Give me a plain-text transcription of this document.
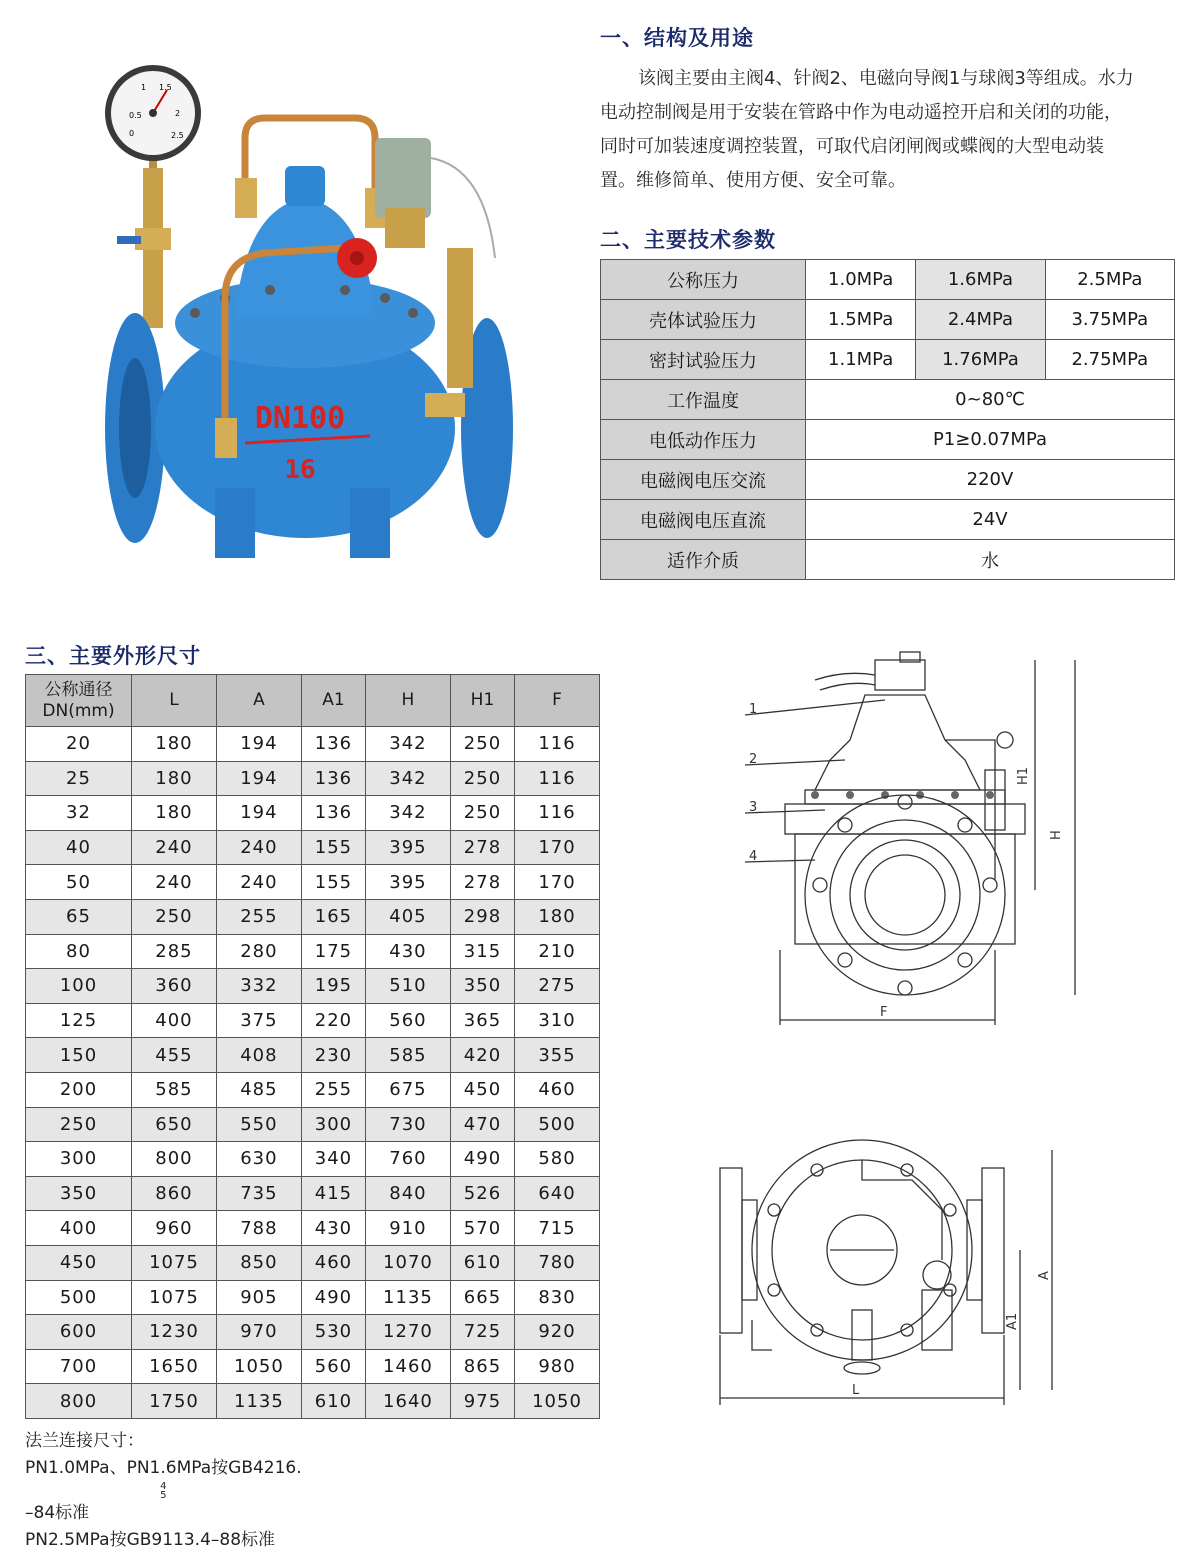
0.5
1 1.5
2
0	2.5
DN100
16
一、结构及用途
该阀主要由主阀4、针阀2、电磁向导阀1与球阀3等组成。水力
电动控制阀是用于安装在管路中作为电动遥控开启和关闭的功能，
同时可加装速度调控装置，可取代启闭闸阀或蝶阀的大型电动装
置。维修简单、使用方便、安全可靠。
二、主要技术参数
公称压力	1.0MPa	1.6MPa	2.5MPa
壳体试验压力	1.5MPa	2.4MPa	3.75MPa
密封试验压力	1.1MPa	1.76MPa	2.75MPa
工作温度	0~80℃		
电低动作压力	P1≥0.07MPa		
电磁阀电压交流	220V		
电磁阀电压直流	24V		
适作介质	水		
三、主要外形尺寸
公称通径
DN(mm)	L	A	A1	H	H1	F
20	180	194	136	342	250	116
25	180	194	136	342	250	116
32	180	194	136	342	250	116
40	240	240	155	395	278	170
50	240	240	155	395	278	170
65	250	255	165	405	298	180
80	285	280	175	430	315	210
100	360	332	195	510	350	275
125	400	375	220	560	365	310
150	455	408	230	585	420	355
200	585	485	255	675	450	460
250	650	550	300	730	470	500
300	800	630	340	760	490	580
350	860	735	415	840	526	640
400	960	788	430	910	570	715
450	1075	850	460	1070	610	780
500	1075	905	490	1135	665	830
600	1230	970	530	1270	725	920
700	1650	1050	560	1460	865	980
800	1750	1135	610	1640	975	1050
法兰连接尺寸：
PN1.0MPa、PN1.6MPa按GB4216.
4
5
–84标准
PN2.5MPa按GB9113.4–88标准
1
2
3
4
H
H1
F
A
A1
L
